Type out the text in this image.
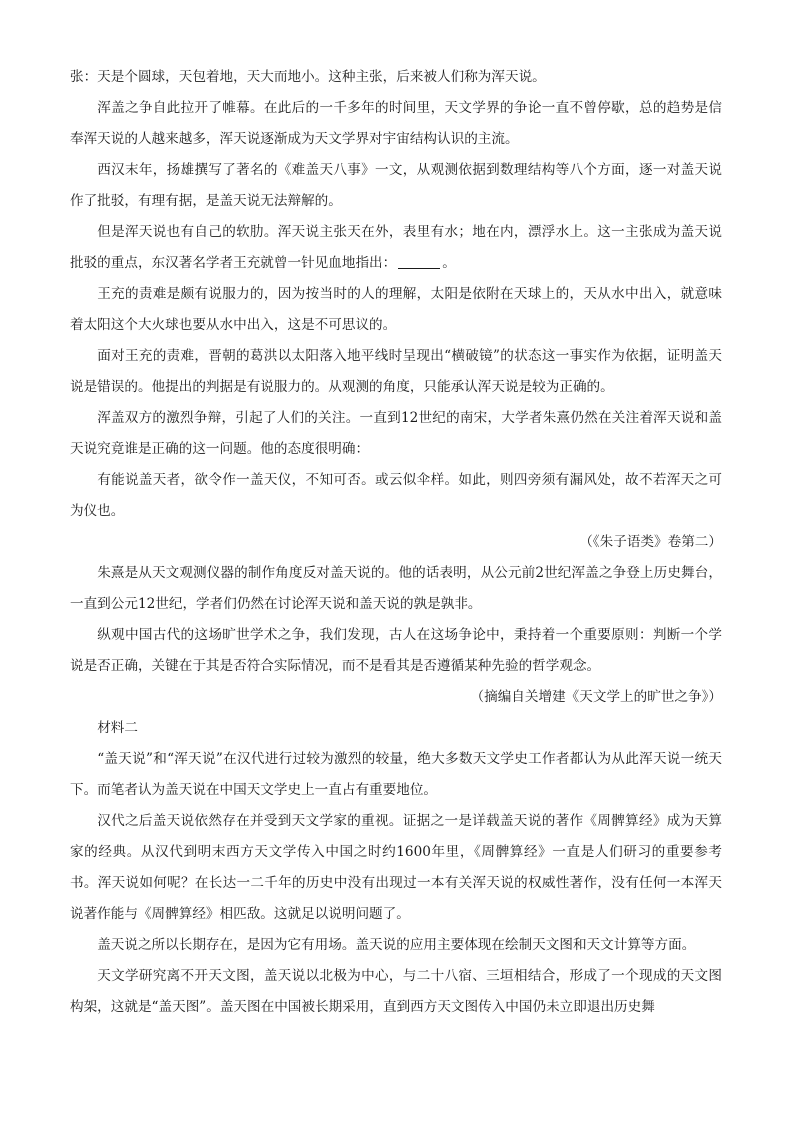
张：天是个圆球，天包着地，天大而地小。这种主张，后来被人们称为浑天说。

浑盖之争自此拉开了帷幕。在此后的一千多年的时间里，天文学界的争论一直不曾停歇，总的趋势是信奉浑天说的人越来越多，浑天说逐渐成为天文学界对宇宙结构认识的主流。

西汉末年，扬雄撰写了著名的《难盖天八事》一文，从观测依据到数理结构等八个方面，逐一对盖天说作了批驳，有理有据，是盖天说无法辩解的。

但是浑天说也有自己的软肋。浑天说主张天在外，表里有水；地在内，漂浮水上。这一主张成为盖天说批驳的重点，东汉著名学者王充就曾一针见血地指出：	。

王充的责难是颇有说服力的，因为按当时的人的理解，太阳是依附在天球上的，天从水中出入，就意味着太阳这个大火球也要从水中出入，这是不可思议的。

面对王充的责难，晋朝的葛洪以太阳落入地平线时呈现出“横破镜”的状态这一事实作为依据，证明盖天说是错误的。他提出的判据是有说服力的。从观测的角度，只能承认浑天说是较为正确的。

浑盖双方的激烈争辩，引起了人们的关注。一直到12世纪的南宋，大学者朱熹仍然在关注着浑天说和盖天说究竟谁是正确的这一问题。他的态度很明确：

有能说盖天者，欲令作一盖天仪，不知可否。或云似伞样。如此，则四旁须有漏风处，故不若浑天之可为仪也。

（《朱子语类》卷第二）

朱熹是从天文观测仪器的制作角度反对盖天说的。他的话表明，从公元前2世纪浑盖之争登上历史舞台，一直到公元12世纪，学者们仍然在讨论浑天说和盖天说的孰是孰非。

纵观中国古代的这场旷世学术之争，我们发现，古人在这场争论中，秉持着一个重要原则：判断一个学说是否正确，关键在于其是否符合实际情况，而不是看其是否遵循某种先验的哲学观念。

（摘编自关增建《天文学上的旷世之争》）

材料二

“盖天说”和“浑天说”在汉代进行过较为激烈的较量，绝大多数天文学史工作者都认为从此浑天说一统天下。而笔者认为盖天说在中国天文学史上一直占有重要地位。

汉代之后盖天说依然存在并受到天文学家的重视。证据之一是详载盖天说的著作《周髀算经》成为天算家的经典。从汉代到明末西方天文学传入中国之时约1600年里，《周髀算经》一直是人们研习的重要参考书。浑天说如何呢？在长达一二千年的历史中没有出现过一本有关浑天说的权威性著作，没有任何一本浑天说著作能与《周髀算经》相匹敌。这就足以说明问题了。

盖天说之所以长期存在，是因为它有用场。盖天说的应用主要体现在绘制天文图和天文计算等方面。

天文学研究离不开天文图，盖天说以北极为中心，与二十八宿、三垣相结合，形成了一个现成的天文图构架，这就是“盖天图”。盖天图在中国被长期采用，直到西方天文图传入中国仍未立即退出历史舞
